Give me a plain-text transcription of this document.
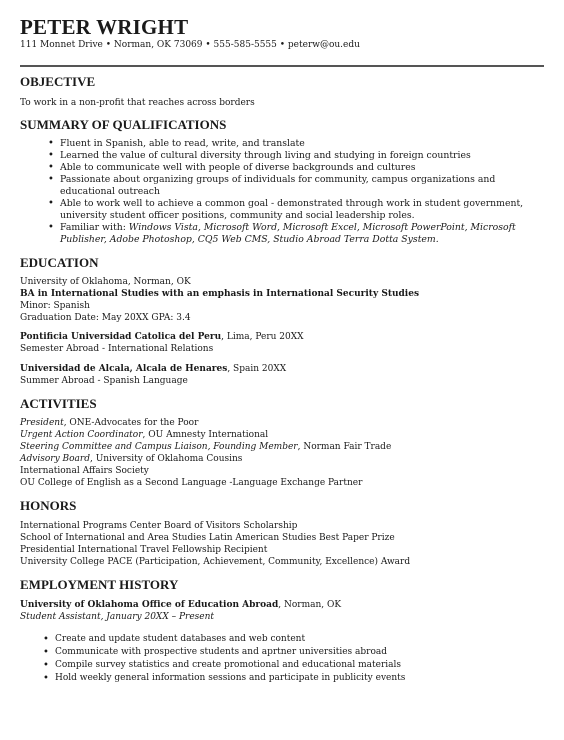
PETER WRIGHT
111 Monnet Drive • Norman, OK 73069 • 555-585-5555 • peterw@ou.edu
OBJECTIVE

To work in a non-profit that reaches across borders

SUMMARY OF QUALIFICATIONS
• Fluent in Spanish, able to read, write, and translate
• Learned the value of cultural diversity through living and studying in foreign countries
• Able to communicate well with people of diverse backgrounds and cultures
• Passionate about organizing groups of individuals for community, campus organizations and educational outreach
• Able to work well to achieve a common goal - demonstrated through work in student government, university student officer positions, community and social leadership roles.
• Familiar with: Windows Vista, Microsoft Word, Microsoft Excel, Microsoft PowerPoint, Microsoft Publisher, Adobe Photoshop, CQ5 Web CMS, Studio Abroad Terra Dotta System.
EDUCATION

University of Oklahoma, Norman, OK

BA in International Studies with an emphasis in International Security Studies

Minor: Spanish

Graduation Date: May 20XX GPA: 3.4

Pontificia Universidad Catolica del Peru, Lima, Peru 20XX

Semester Abroad - International Relations

Universidad de Alcala, Alcala de Henares, Spain 20XX

Summer Abroad - Spanish Language

ACTIVITIES

President, ONE-Advocates for the Poor

Urgent Action Coordinator, OU Amnesty International

Steering Committee and Campus Liaison, Founding Member, Norman Fair Trade

Advisory Board, University of Oklahoma Cousins

International Affairs Society

OU College of English as a Second Language -Language Exchange Partner

HONORS

International Programs Center Board of Visitors Scholarship

School of International and Area Studies Latin American Studies Best Paper Prize

Presidential International Travel Fellowship Recipient

University College PACE (Participation, Achievement, Community, Excellence) Award

EMPLOYMENT HISTORY

University of Oklahoma Office of Education Abroad, Norman, OK

Student Assistant, January 20XX – Present

• Create and update student databases and web content
• Communicate with prospective students and aprtner universities abroad
• Compile survey statistics and create promotional and educational materials
• Hold weekly general information sessions and participate in publicity events
